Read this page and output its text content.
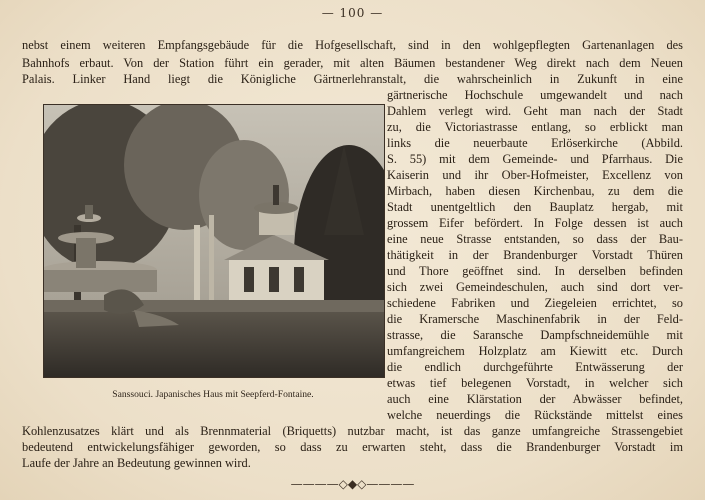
— 100 —
nebst einem weiteren Empfangsgebäude für die Hofgesellschaft, sind in den wohlgepflegten Gartenanlagen des
Bahnhofs erbaut. Von der Station führt ein gerader, mit alten Bäumen bestandener Weg direkt nach dem Neuen
Palais. Linker Hand liegt die Königliche Gärtnerlehranstalt, die wahrscheinlich in Zukunft in eine
gärtnerische Hochschule umgewandelt und nach
Dahlem verlegt wird. Geht man nach der Stadt
zu, die Victoriastrasse entlang, so erblickt man
links die neuerbaute Erlöserkirche (Abbild.
S. 55) mit dem Gemeinde- und Pfarrhaus. Die
Kaiserin und ihr Ober-Hofmeister, Excellenz von
Mirbach, haben diesen Kirchenbau, zu dem die
Stadt unentgeltlich den Bauplatz hergab, mit
grossem Eifer befördert. In Folge dessen ist auch
eine neue Strasse entstanden, so dass der Bau-
thätigkeit in der Brandenburger Vorstadt Thüren
und Thore geöffnet sind. In derselben befinden
sich zwei Gemeindeschulen, auch sind dort ver-
schiedene Fabriken und Ziegeleien errichtet, so
die Kramersche Maschinenfabrik in der Feld-
strasse, die Saransche Dampfschneidemühle mit
umfangreichem Holzplatz am Kiewitt etc. Durch
die endlich durchgeführte Entwässerung der
etwas tief belegenen Vorstadt, in welcher sich
auch eine Klärstation der Abwässer befindet,
welche neuerdings die Rückstände mittelst eines
Kohlenzusatzes klärt und als Brennmaterial (Briquetts) nutzbar macht, ist das ganze umfangreiche Strassengebiet
bedeutend entwickelungsfähiger geworden, so dass zu erwarten steht, dass die Brandenburger Vorstadt im
Laufe der Jahre an Bedeutung gewinnen wird.
Sanssouci. Japanisches Haus mit Seepferd-Fontaine.
————◇◆◇————
